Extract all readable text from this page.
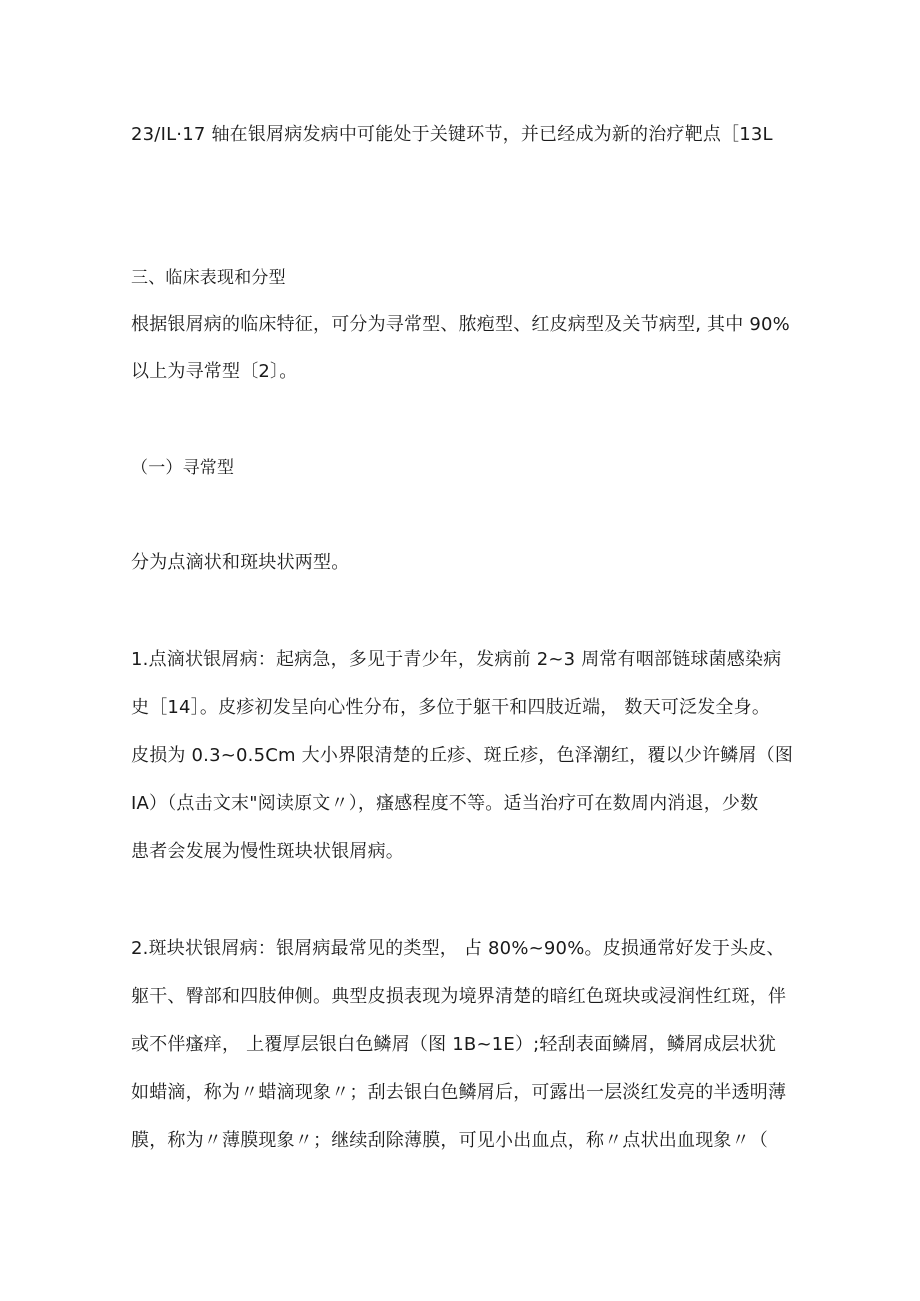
23/IL·17 轴在银屑病发病中可能处于关键环节，并已经成为新的治疗靶点［13L
三、临床表现和分型
根据银屑病的临床特征，可分为寻常型、脓疱型、红皮病型及关节病型, 其中 90%
以上为寻常型〔2〕。
（一）寻常型
分为点滴状和斑块状两型。
1.点滴状银屑病：起病急，多见于青少年，发病前 2~3 周常有咽部链球菌感染病
史［14］。皮疹初发呈向心性分布，多位于躯干和四肢近端， 数天可泛发全身。
皮损为 0.3~0.5Cm 大小界限清楚的丘疹、斑丘疹，色泽潮红，覆以少许鳞屑（图
IA）（点击文末"阅读原文〃），瘙感程度不等。适当治疗可在数周内消退，少数
患者会发展为慢性斑块状银屑病。
2.斑块状银屑病：银屑病最常见的类型， 占 80%~90%。皮损通常好发于头皮、
躯干、臀部和四肢伸侧。典型皮损表现为境界清楚的暗红色斑块或浸润性红斑，伴
或不伴瘙痒， 上覆厚层银白色鳞屑（图 1B~1E）;轻刮表面鳞屑，鳞屑成层状犹
如蜡滴，称为〃蜡滴现象〃；刮去银白色鳞屑后，可露出一层淡红发亮的半透明薄
膜，称为〃薄膜现象〃；继续刮除薄膜，可见小出血点，称〃点状出血现象〃（
